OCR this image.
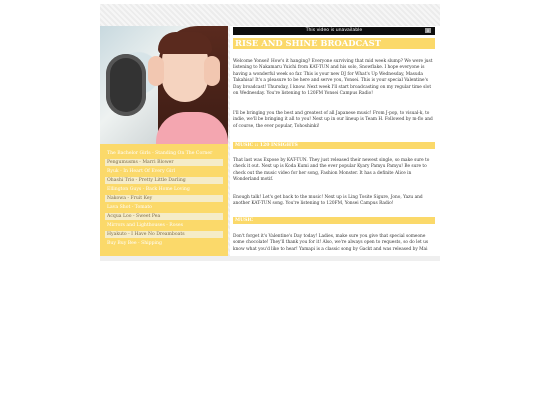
The Bachelor Girls - Standing On The Corner
Pengumusms - Marri Blower
Ryuk - In Heart Of Every Girl
Ohashi Trio - Pretty Little Darling
Ellington Guys - Back Home Loving
Nakowa - Fruit Key
Lava Shot - Tomato
Acqua Loo - Sweet Pea
Mirrors and Lighthouses - Roses
Hyakuto - I Have No Dreamboats
Buy Buy Bee - Shipping
This video is unavailable	x
RISE AND SHINE BROADCAST
Welcome Yonsei! How's it hanging? Everyone surviving that mid week slump? We were just listening to Nakamaru Yuichi from KAT-TUN and his solo, Snowflake. I hope everyone is having a wonderful week so far. This is your new DJ for What's Up Wednesday, Masuda Takahisa! It's a pleasure to be here and serve you, Yonsei. This is your special Valentine's Day broadcast! Thursday, I know. Next week I'll start broadcasting on my regular time slot on Wednesday. You're listening to 120FM Yonsei Campus Radio!
I'll be bringing you the best and greatest of all Japanese music! From J-pop, to visual-k, to indie, we'll be bringing it all to you! Next up in our lineup is Team H. Followed by m-flo and of course, the ever popular, Tohoshinki!
MUSIC :: 120 INSIGHTS
That last was Expose by KAT-TUN. They just released their newest single, so make sure to check it out. Next up is Koda Kumi and the ever popular Kyary Pamyu Pamyu! Be sure to check out the music video for her song, Fashion Monster. It has a definite Alice in Wonderland motif.
Enough talk! Let's get back to the music! Next up is Ling Tosite Sigure, Jono, Yazu and another KAT-TUN song. You're listening to 120FM, Yonsei Campus Radio!
MUSIC
Don't forget it's Valentine's Day today! Ladies, make sure you give that special someone some chocolate! They'll thank you for it! Also, we're always open to requests, so do let us know what you'd like to hear! Yamapi is a classic song by Gackt and was released by Mai
